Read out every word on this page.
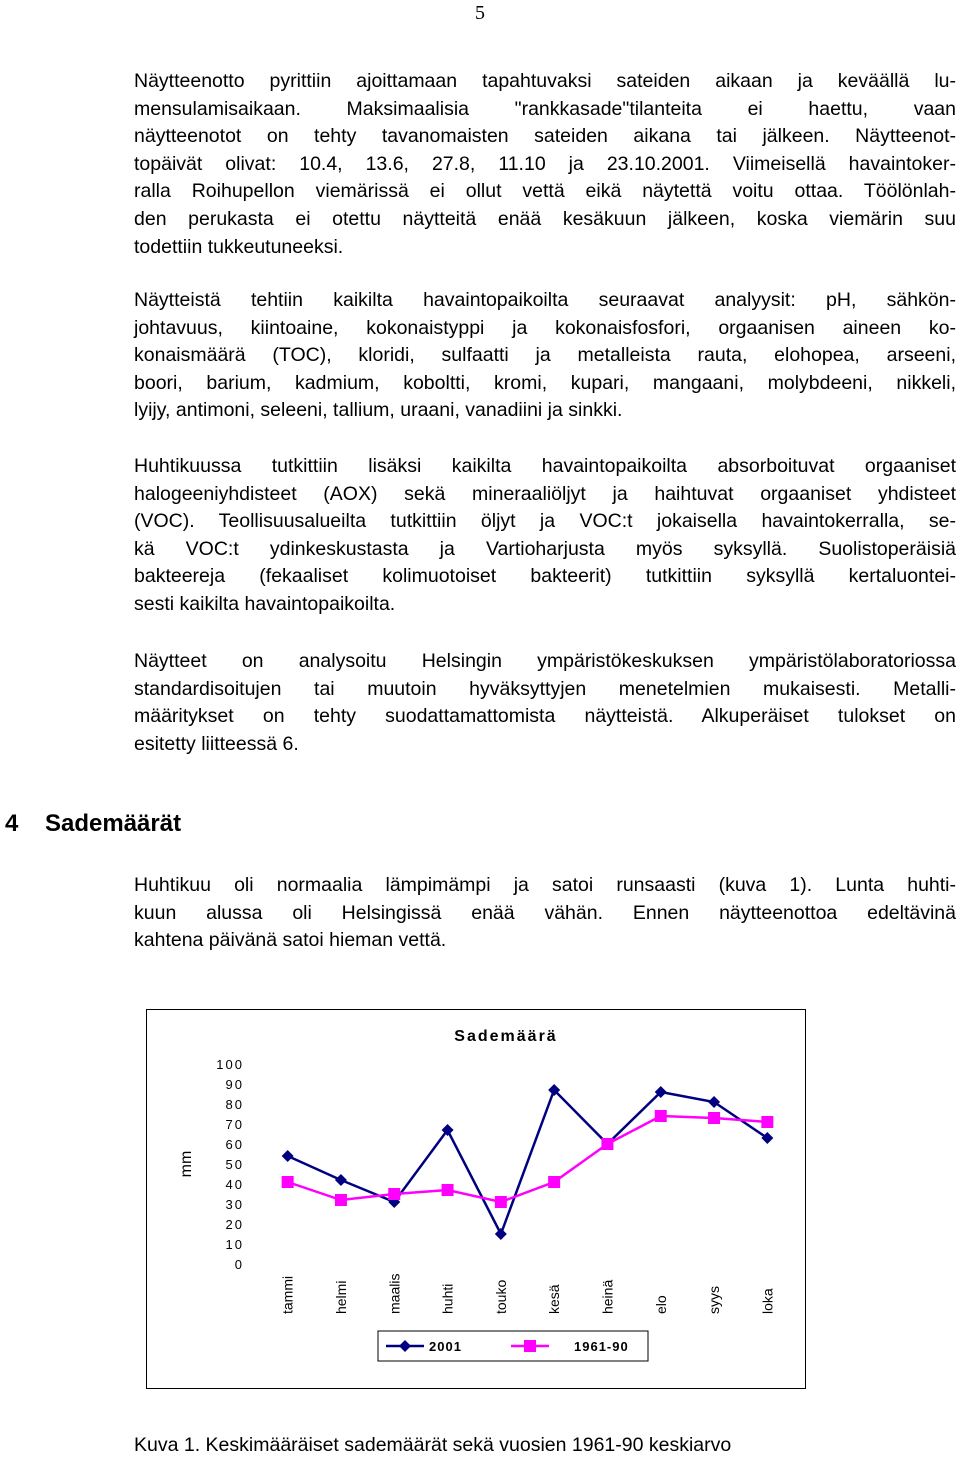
5

Näytteenotto pyrittiin ajoittamaan tapahtuvaksi sateiden aikaan ja keväällä lu-
mensulamisaikaan. Maksimaalisia "rankkasade"tilanteita ei haettu, vaan
näytteenotot on tehty tavanomaisten sateiden aikana tai jälkeen. Näytteenot-
topäivät olivat: 10.4, 13.6, 27.8, 11.10 ja 23.10.2001. Viimeisellä havaintoker-
ralla Roihupellon viemärissä ei ollut vettä eikä näytettä voitu ottaa. Töölönlah-
den perukasta ei otettu näytteitä enää kesäkuun jälkeen, koska viemärin suu
todettiin tukkeutuneeksi.

Näytteistä tehtiin kaikilta havaintopaikoilta seuraavat analyysit: pH, sähkön-
johtavuus, kiintoaine, kokonaistyppi ja kokonaisfosfori, orgaanisen aineen ko-
konaismäärä (TOC), kloridi, sulfaatti ja metalleista rauta, elohopea, arseeni,
boori, barium, kadmium, koboltti, kromi, kupari, mangaani, molybdeeni, nikkeli,
lyijy, antimoni, seleeni, tallium, uraani, vanadiini ja sinkki.

Huhtikuussa tutkittiin lisäksi kaikilta havaintopaikoilta absorboituvat orgaaniset
halogeeniyhdisteet (AOX) sekä mineraaliöljyt ja haihtuvat orgaaniset yhdisteet
(VOC). Teollisuusalueilta tutkittiin öljyt ja VOC:t jokaisella havaintokerralla, se-
kä VOC:t ydinkeskustasta ja Vartioharjusta myös syksyllä. Suolistoperäisiä
bakteereja (fekaaliset kolimuotoiset bakteerit) tutkittiin syksyllä kertaluontei-
sesti kaikilta havaintopaikoilta.

Näytteet on analysoitu Helsingin ympäristökeskuksen ympäristölaboratoriossa
standardisoitujen tai muutoin hyväksyttyjen menetelmien mukaisesti. Metalli-
määritykset on tehty suodattamattomista näytteistä. Alkuperäiset tulokset on
esitetty liitteessä 6.

4 Sademäärät

Huhtikuu oli normaalia lämpimämpi ja satoi runsaasti (kuva 1). Lunta huhti-
kuun alussa oli Helsingissä enää vähän. Ennen näytteenottoa edeltävinä
kahtena päivänä satoi hieman vettä.

Sademäärä
mm
0
10
20
30
40
50
60
70
80
90
100
tammi	helmi	maalis	huhti	touko	kesä	heinä	elo	syys	loka
2001	1961-90

Kuva 1. Keskimääräiset sademäärät sekä vuosien 1961-90 keskiarvo
